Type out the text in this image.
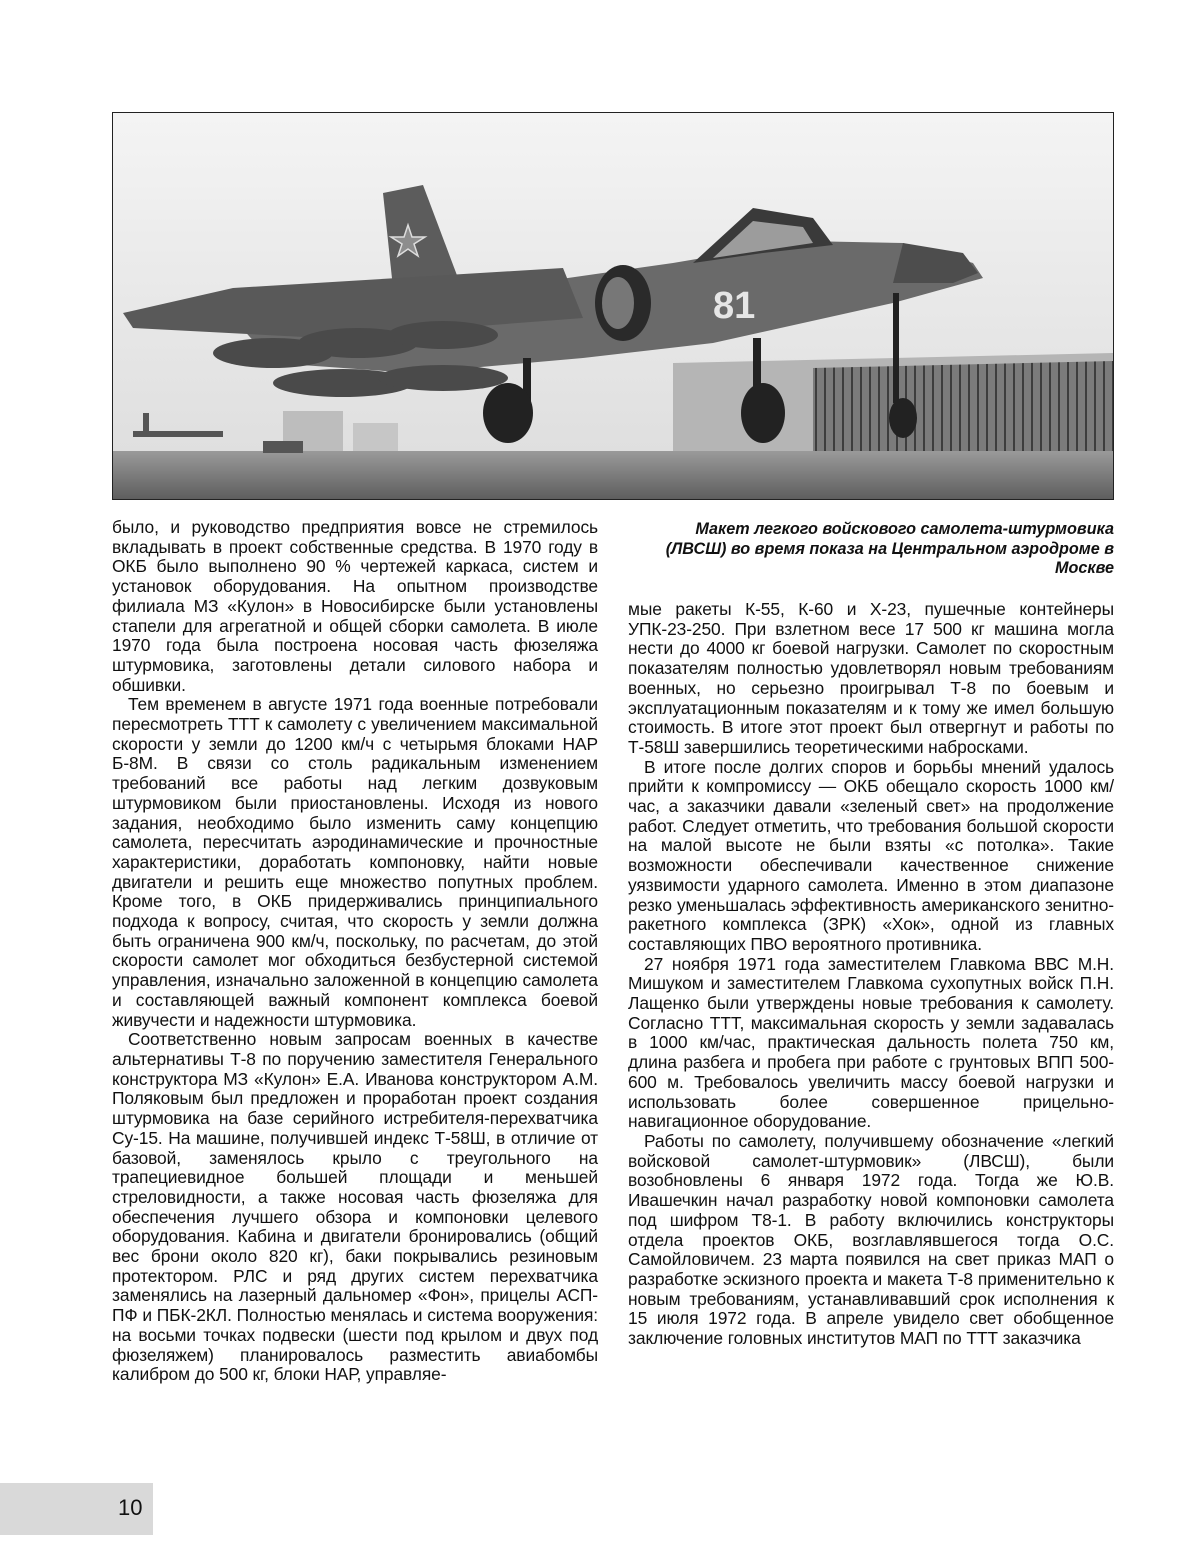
81
Макет легкого войскового самолета-штурмовика
(ЛВСШ) во время показа на Центральном аэродроме в
Москве

было, и руководство предприятия вовсе не стремилось вкладывать в проект собственные средства. В 1970 году в ОКБ было выполнено 90 % чертежей каркаса, систем и установок оборудования. На опытном производстве филиала МЗ «Кулон» в Новосибирске были установлены стапели для агрегатной и общей сборки самолета. В июле 1970 года была построена носовая часть фюзеляжа штурмовика, заготовлены детали силового набора и обшивки.

Тем временем в августе 1971 года военные потребовали пересмотреть ТТТ к самолету с увеличением максимальной скорости у земли до 1200 км/ч с четырьмя блоками НАР Б-8М. В связи со столь радикальным изменением требований все работы над легким дозвуковым штурмовиком были приостановлены. Исходя из нового задания, необходимо было изменить саму концепцию самолета, пересчитать аэродинамические и прочностные характеристики, доработать компоновку, найти новые двигатели и решить еще множество попутных проблем. Кроме того, в ОКБ придерживались принципиального подхода к вопросу, считая, что скорость у земли должна быть ограничена 900 км/ч, поскольку, по расчетам, до этой скорости самолет мог обходиться безбустерной системой управления, изначально заложенной в концепцию самолета и составляющей важный компонент комплекса боевой живучести и надежности штурмовика.

Соответственно новым запросам военных в качестве альтернативы Т-8 по поручению заместителя Генерального конструктора МЗ «Кулон» Е.А. Иванова конструктором А.М. Поляковым был предложен и проработан проект создания штурмовика на базе серийного истребителя-перехватчика Су-15. На машине, получившей индекс Т-58Ш, в отличие от базовой, заменялось крыло с треугольного на трапециевидное большей площади и меньшей стреловидности, а также носовая часть фюзеляжа для обеспечения лучшего обзора и компоновки целевого оборудования. Кабина и двигатели бронировались (общий вес брони около 820 кг), баки покрывались резиновым протектором. РЛС и ряд других систем перехватчика заменялись на лазерный дальномер «Фон», прицелы АСП-ПФ и ПБК-2КЛ. Полностью менялась и система вооружения: на восьми точках подвески (шести под крылом и двух под фюзеляжем) планировалось разместить авиабомбы калибром до 500 кг, блоки НАР, управляе-

мые ракеты К-55, К-60 и Х-23, пушечные контейнеры УПК-23-250. При взлетном весе 17 500 кг машина могла нести до 4000 кг боевой нагрузки. Самолет по скоростным показателям полностью удовлетворял новым требованиям военных, но серьезно проигрывал Т-8 по боевым и эксплуатационным показателям и к тому же имел большую стоимость. В итоге этот проект был отвергнут и работы по Т-58Ш завершились теоретическими набросками.

В итоге после долгих споров и борьбы мнений удалось прийти к компромиссу — ОКБ обещало скорость 1000 км/час, а заказчики давали «зеленый свет» на продолжение работ. Следует отметить, что требования большой скорости на малой высоте не были взяты «с потолка». Такие возможности обеспечивали качественное снижение уязвимости ударного самолета. Именно в этом диапазоне резко уменьшалась эффективность американского зенитно-ракетного комплекса (ЗРК) «Хок», одной из главных составляющих ПВО вероятного противника.

27 ноября 1971 года заместителем Главкома ВВС М.Н. Мишуком и заместителем Главкома сухопутных войск П.Н. Лащенко были утверждены новые требования к самолету. Согласно ТТТ, максимальная скорость у земли задавалась в 1000 км/час, практическая дальность полета 750 км, длина разбега и пробега при работе с грунтовых ВПП 500-600 м. Требовалось увеличить массу боевой нагрузки и использовать более совершенное прицельно-навигационное оборудование.

Работы по самолету, получившему обозначение «легкий войсковой самолет-штурмовик» (ЛВСШ), были возобновлены 6 января 1972 года. Тогда же Ю.В. Ивашечкин начал разработку новой компоновки самолета под шифром Т8-1. В работу включились конструкторы отдела проектов ОКБ, возглавлявшегося тогда О.С. Самойловичем. 23 марта появился на свет приказ МАП о разработке эскизного проекта и макета Т-8 применительно к новым требованиям, устанавливавший срок исполнения к 15 июля 1972 года. В апреле увидело свет обобщенное заключение головных институтов МАП по ТТТ заказчика

10
